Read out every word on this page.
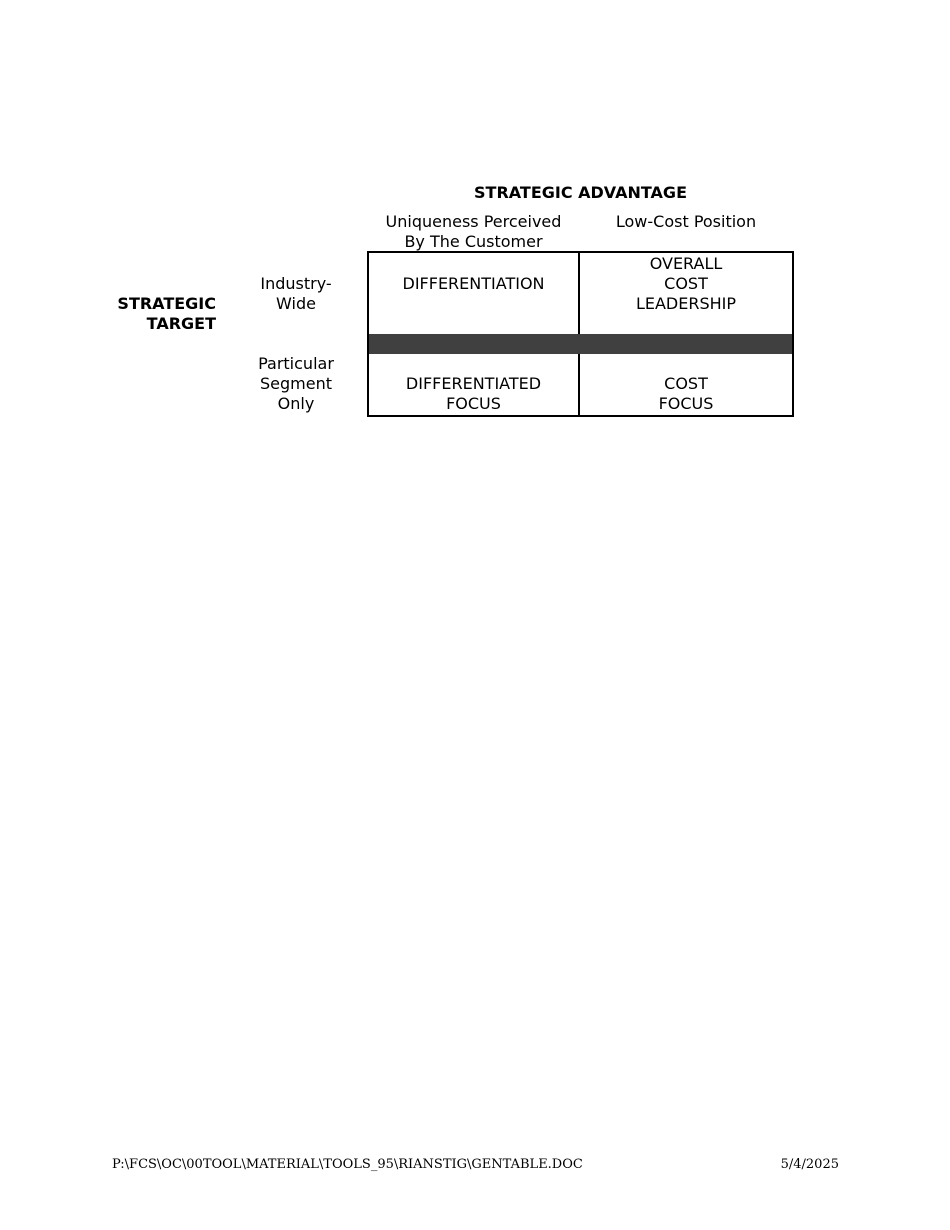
STRATEGIC ADVANTAGE
Uniqueness Perceived
By The Customer
Low-Cost Position
STRATEGIC TARGET
Industry-
Wide
Particular
Segment
Only
DIFFERENTIATION
OVERALL
COST
LEADERSHIP
DIFFERENTIATED
FOCUS
COST
FOCUS
P:\FCS\OC\00TOOL\MATERIAL\TOOLS_95\RIANSTIG\GENTABLE.DOC	5/4/2025
